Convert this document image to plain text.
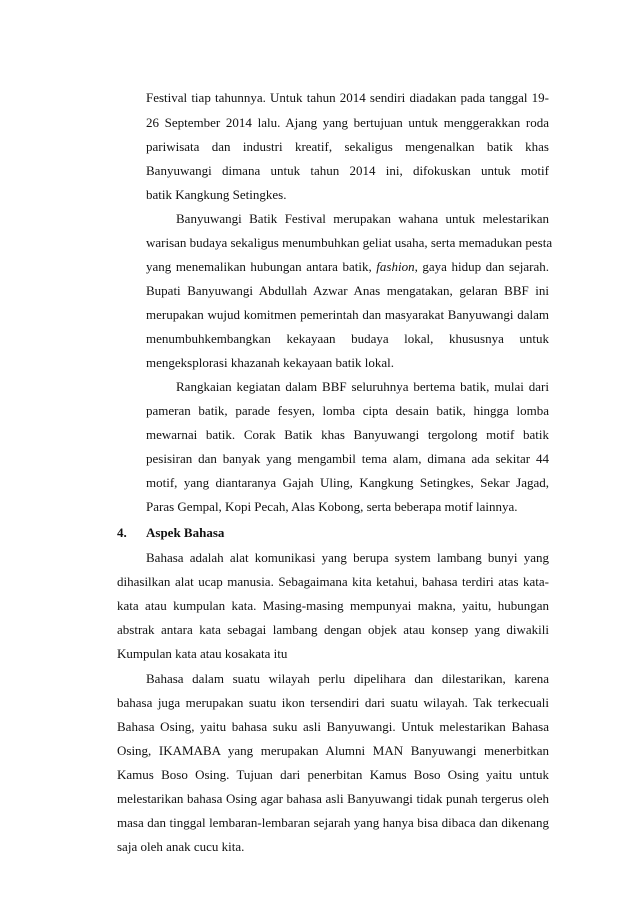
Festival tiap tahunnya. Untuk tahun 2014 sendiri diadakan pada tanggal 19-
26 September 2014 lalu. Ajang yang bertujuan untuk menggerakkan roda
pariwisata dan industri kreatif, sekaligus mengenalkan batik khas
Banyuwangi dimana untuk tahun 2014 ini, difokuskan untuk motif
batik Kangkung Setingkes.
Banyuwangi Batik Festival merupakan wahana untuk melestarikan
warisan budaya sekaligus menumbuhkan geliat usaha, serta memadukan pesta
yang menemalikan hubungan antara batik, fashion, gaya hidup dan sejarah.
Bupati Banyuwangi Abdullah Azwar Anas mengatakan, gelaran BBF ini
merupakan wujud komitmen pemerintah dan masyarakat Banyuwangi dalam
menumbuhkembangkan kekayaan budaya lokal, khususnya untuk
mengeksplorasi khazanah kekayaan batik lokal.
Rangkaian kegiatan dalam BBF seluruhnya bertema batik, mulai dari
pameran batik, parade fesyen, lomba cipta desain batik, hingga lomba
mewarnai batik. Corak Batik khas Banyuwangi tergolong motif batik
pesisiran dan banyak yang mengambil tema alam, dimana ada sekitar 44
motif, yang diantaranya Gajah Uling, Kangkung Setingkes, Sekar Jagad,
Paras Gempal, Kopi Pecah, Alas Kobong, serta beberapa motif lainnya.
4. Aspek Bahasa
Bahasa adalah alat komunikasi yang berupa system lambang bunyi yang
dihasilkan alat ucap manusia. Sebagaimana kita ketahui, bahasa terdiri atas kata-
kata atau kumpulan kata. Masing-masing mempunyai makna, yaitu, hubungan
abstrak antara kata sebagai lambang dengan objek atau konsep yang diwakili
Kumpulan kata atau kosakata itu
Bahasa dalam suatu wilayah perlu dipelihara dan dilestarikan, karena
bahasa juga merupakan suatu ikon tersendiri dari suatu wilayah. Tak terkecuali
Bahasa Osing, yaitu bahasa suku asli Banyuwangi. Untuk melestarikan Bahasa
Osing, IKAMABA yang merupakan Alumni MAN Banyuwangi menerbitkan
Kamus Boso Osing. Tujuan dari penerbitan Kamus Boso Osing yaitu untuk
melestarikan bahasa Osing agar bahasa asli Banyuwangi tidak punah tergerus oleh
masa dan tinggal lembaran-lembaran sejarah yang hanya bisa dibaca dan dikenang
saja oleh anak cucu kita.
